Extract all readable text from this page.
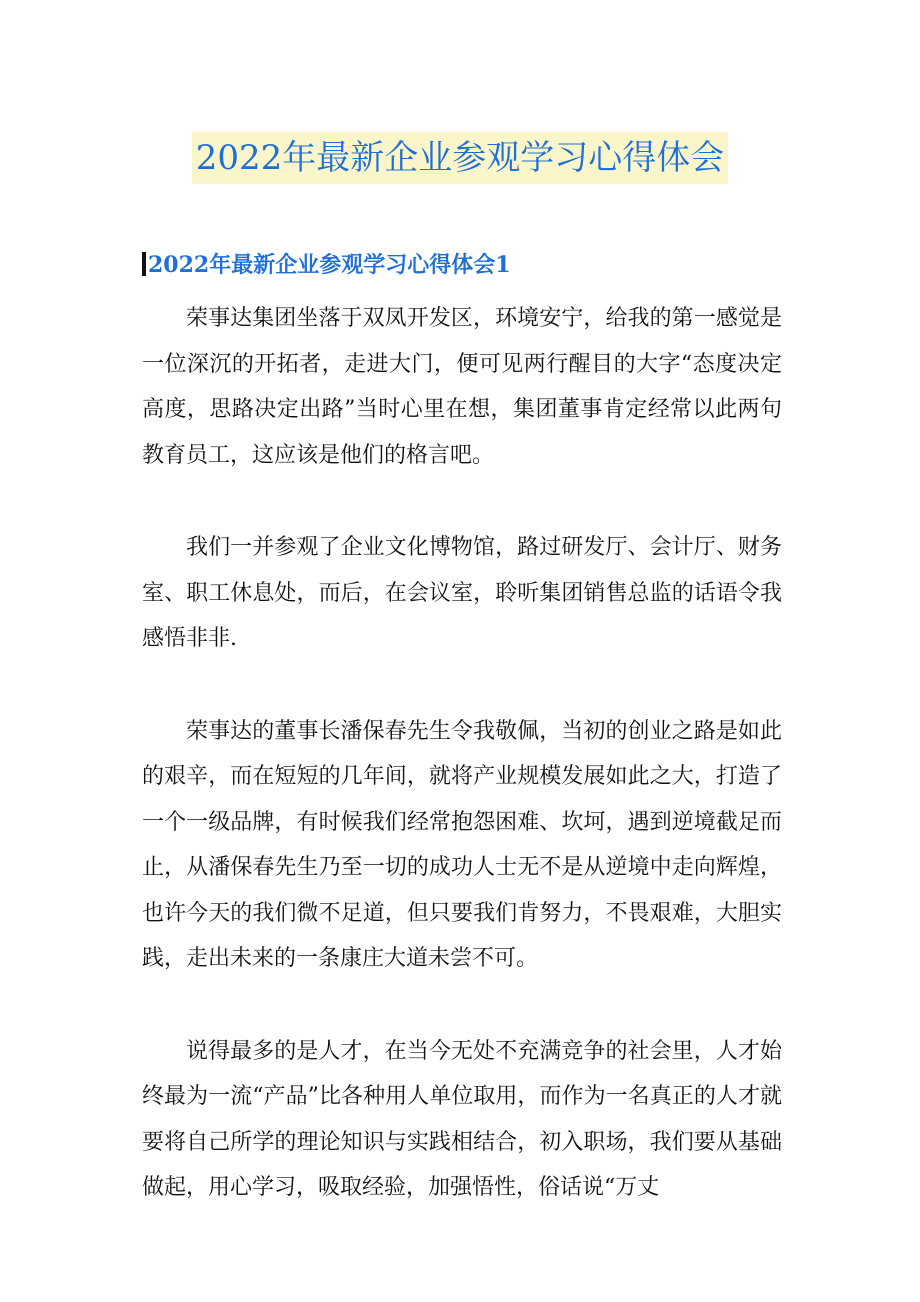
2022年最新企业参观学习心得体会
2022年最新企业参观学习心得体会1

荣事达集团坐落于双凤开发区，环境安宁，给我的第一感觉是一位深沉的开拓者，走进大门，便可见两行醒目的大字“态度决定高度，思路决定出路”当时心里在想，集团董事肯定经常以此两句教育员工，这应该是他们的格言吧。

我们一并参观了企业文化博物馆，路过研发厅、会计厅、财务室、职工休息处，而后，在会议室，聆听集团销售总监的话语令我感悟非非.

荣事达的董事长潘保春先生令我敬佩，当初的创业之路是如此的艰辛，而在短短的几年间，就将产业规模发展如此之大，打造了一个一级品牌，有时候我们经常抱怨困难、坎坷，遇到逆境截足而止，从潘保春先生乃至一切的成功人士无不是从逆境中走向辉煌，也许今天的我们微不足道，但只要我们肯努力，不畏艰难，大胆实践，走出未来的一条康庄大道未尝不可。

说得最多的是人才，在当今无处不充满竞争的社会里，人才始终最为一流“产品”比各种用人单位取用，而作为一名真正的人才就要将自己所学的理论知识与实践相结合，初入职场，我们要从基础做起，用心学习，吸取经验，加强悟性，俗话说“万丈
